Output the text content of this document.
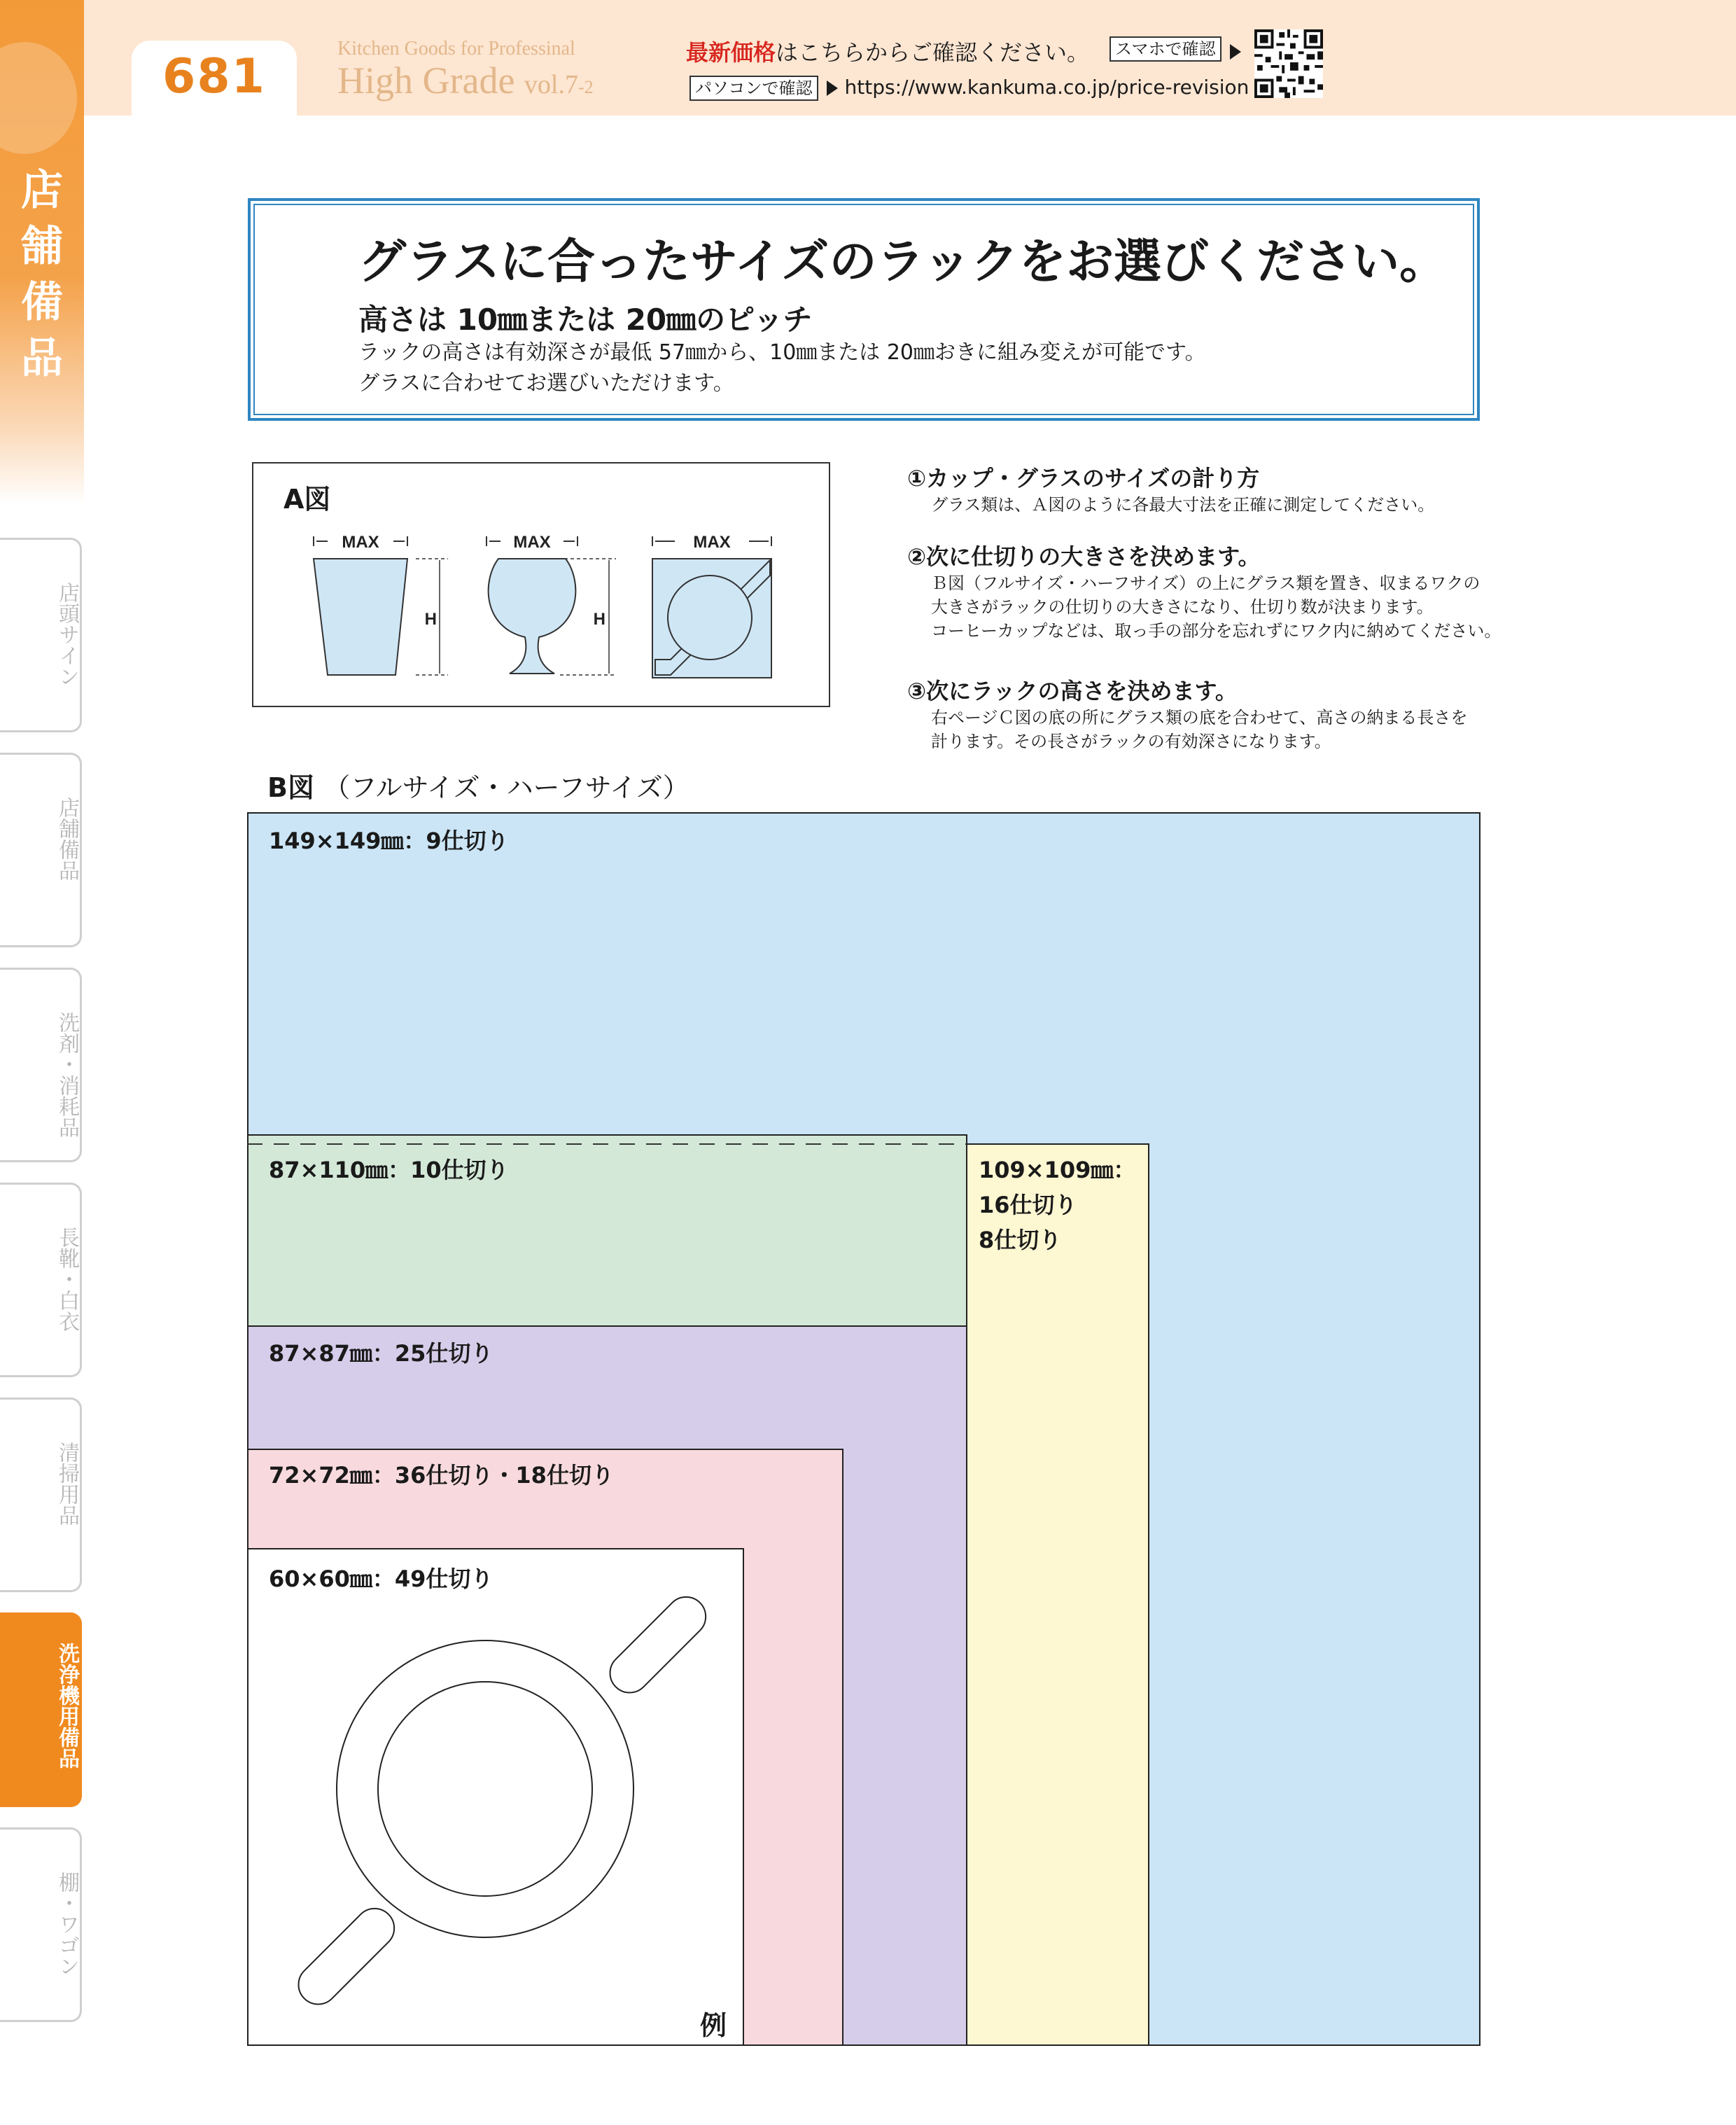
681
Kitchen Goods for Professinal
High Grade vol.7-2
最新価格はこちらからご確認ください。	スマホで確認
パソコンで確認 https://www.kankuma.co.jp/price-revision
店
舗
備
品
店頭サイン
店舗備品
洗剤・消耗品
長靴・白衣
清掃用品
洗浄機用備品
棚・ワゴン
グラスに合ったサイズのラックをお選びください。
高さは 10㎜または 20㎜のピッチ
ラックの高さは有効深さが最低 57㎜から、10㎜または 20㎜おきに組み変えが可能です。
グラスに合わせてお選びいただけます。
A図
MAX
H
MAX
H
MAX
①カップ・グラスのサイズの計り方
グラス類は、Ａ図のように各最大寸法を正確に測定してください。
②次に仕切りの大きさを決めます。
Ｂ図（フルサイズ・ハーフサイズ）の上にグラス類を置き、収まるワクの
大きさがラックの仕切りの大きさになり、仕切り数が決まります。
コーヒーカップなどは、取っ手の部分を忘れずにワク内に納めてください。
③次にラックの高さを決めます。
右ページＣ図の底の所にグラス類の底を合わせて、高さの納まる長さを
計ります。その長さがラックの有効深さになります。
B図 （フルサイズ・ハーフサイズ）
149×149㎜：9仕切り
109×109㎜：
16仕切り
8仕切り
87×110㎜：10仕切り
87×87㎜：25仕切り
72×72㎜：36仕切り・18仕切り
60×60㎜：49仕切り
例
